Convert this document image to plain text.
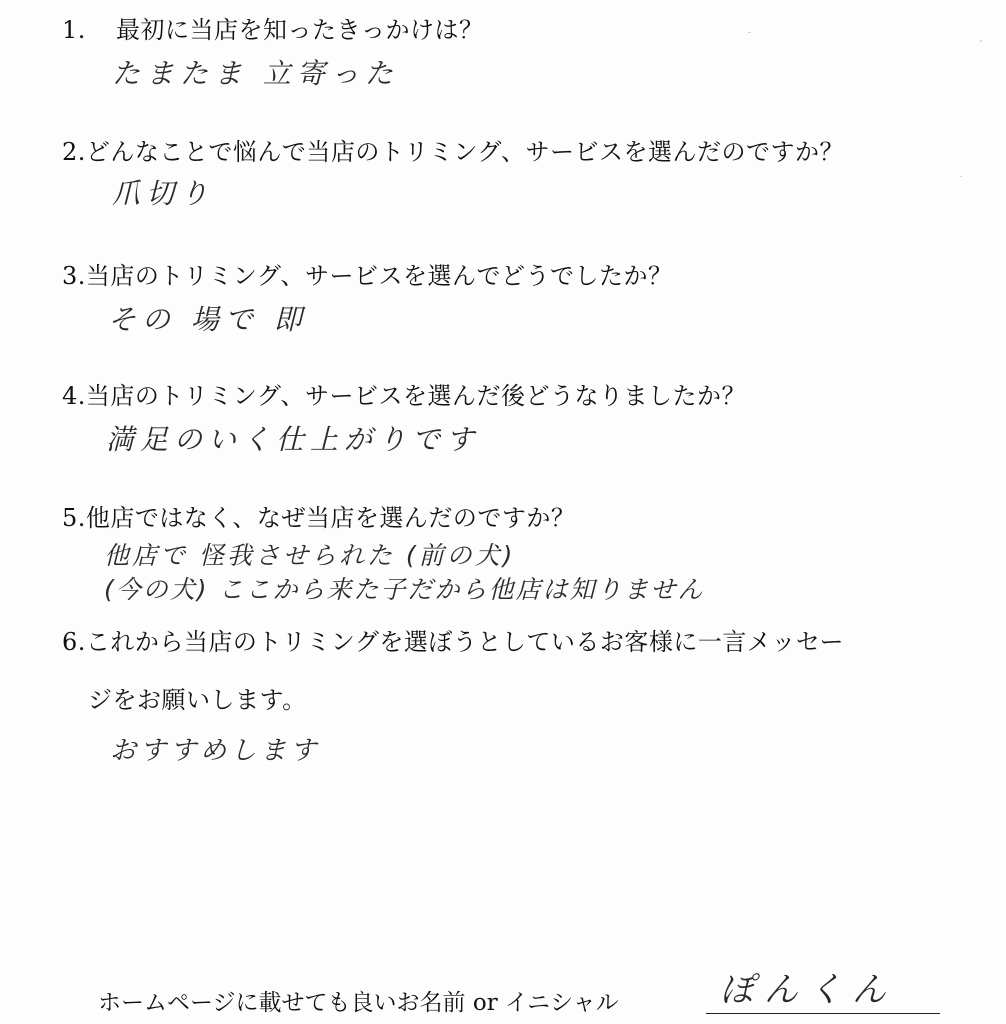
1. 最初に当店を知ったきっかけは？
たまたま 立寄った
2.どんなことで悩んで当店のトリミング、サービスを選んだのですか？
爪切り
3.当店のトリミング、サービスを選んでどうでしたか？
その 場で 即
4.当店のトリミング、サービスを選んだ後どうなりましたか？
満足のいく仕上がりです
5.他店ではなく、なぜ当店を選んだのですか？
他店で 怪我させられた (前の犬)
(今の犬) ここから来た子だから他店は知りません
6.これから当店のトリミングを選ぼうとしているお客様に一言メッセー
ジをお願いします。
おすすめします
ホームページに載せても良いお名前 or イニシャル	ぽんくん
